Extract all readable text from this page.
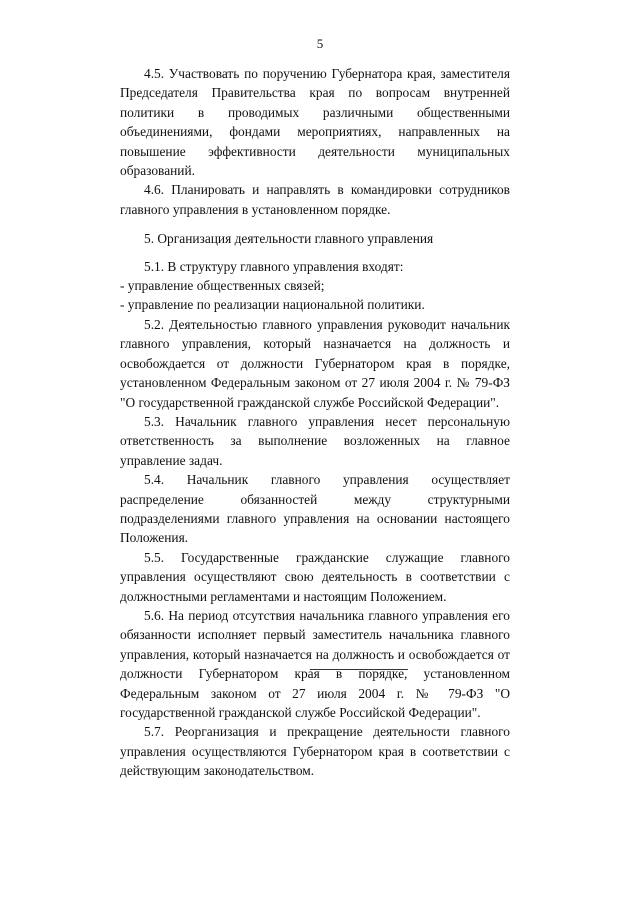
5

4.5. Участвовать по поручению Губернатора края, заместителя Председателя Правительства края по вопросам внутренней политики в проводимых различными общественными объединениями, фондами мероприятиях, направленных на повышение эффективности деятельности муниципальных образований.

4.6. Планировать и направлять в командировки сотрудников главного управления в установленном порядке.

5. Организация деятельности главного управления

5.1. В структуру главного управления входят:

- управление общественных связей;

- управление по реализации национальной политики.

5.2. Деятельностью главного управления руководит начальник главного управления, который назначается на должность и освобождается от должности Губернатором края в порядке, установленном Федеральным законом от 27 июля 2004 г. № 79-ФЗ "О государственной гражданской службе Российской Федерации".

5.3. Начальник главного управления несет персональную ответственность за выполнение возложенных на главное управление задач.

5.4. Начальник главного управления осуществляет распределение обязанностей между структурными подразделениями главного управления на основании настоящего Положения.

5.5. Государственные гражданские служащие главного управления осуществляют свою деятельность в соответствии с должностными регламентами и настоящим Положением.

5.6. На период отсутствия начальника главного управления его обязанности исполняет первый заместитель начальника главного управления, который назначается на должность и освобождается от должности Губернатором края в порядке, установленном Федеральным законом от 27 июля 2004 г. № 79-ФЗ "О государственной гражданской службе Российской Федерации".

5.7. Реорганизация и прекращение деятельности главного управления осуществляются Губернатором края в соответствии с действующим законодательством.
